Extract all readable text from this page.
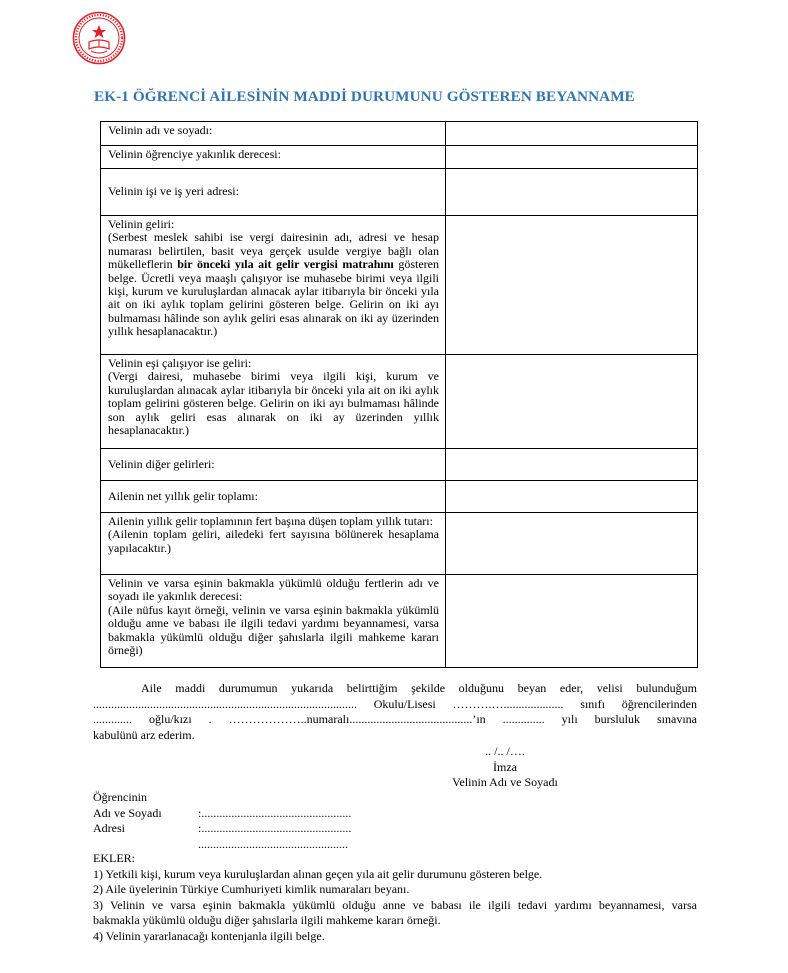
EK-1 ÖĞRENCİ AİLESİNİN MADDİ DURUMUNU GÖSTEREN BEYANNAME
Velinin adı ve soyadı:	

Velinin öğrenciye yakınlık derecesi:	

Velinin işi ve iş yeri adresi:	

Velinin geliri:
(Serbest meslek sahibi ise vergi dairesinin adı, adresi ve hesap numarası belirtilen, basit veya gerçek usulde vergiye bağlı olan mükelleflerin bir önceki yıla ait gelir vergisi matrahını gösteren belge. Ücretli veya maaşlı çalışıyor ise muhasebe birimi veya ilgili kişi, kurum ve kuruluşlardan alınacak aylar itibarıyla bir önceki yıla ait on iki aylık toplam gelirini gösteren belge. Gelirin on iki ayı bulmaması hâlinde son aylık geliri esas alınarak on iki ay üzerinden yıllık hesaplanacaktır.)	

Velinin eşi çalışıyor ise geliri:
(Vergi dairesi, muhasebe birimi veya ilgili kişi, kurum ve kuruluşlardan alınacak aylar itibarıyla bir önceki yıla ait on iki aylık toplam gelirini gösteren belge. Gelirin on iki ayı bulmaması hâlinde son aylık geliri esas alınarak on iki ay üzerinden yıllık hesaplanacaktır.)	

Velinin diğer gelirleri:	

Ailenin net yıllık gelir toplamı:	

Ailenin yıllık gelir toplamının fert başına düşen toplam yıllık tutarı:
(Ailenin toplam geliri, ailedeki fert sayısına bölünerek hesaplama yapılacaktır.)	

Velinin ve varsa eşinin bakmakla yükümlü olduğu fertlerin adı ve soyadı ile yakınlık derecesi:
(Aile nüfus kayıt örneği, velinin ve varsa eşinin bakmakla yükümlü olduğu anne ve babası ile ilgili tedavi yardımı beyannamesi, varsa bakmakla yükümlü olduğu diğer şahıslarla ilgili mahkeme kararı örneği)	

Aile maddi durumumun yukarıda belirttiğim şekilde olduğunu beyan eder, velisi bulunduğum

........................................................................................ Okulu/Lisesi ……….….................... sınıfı öğrencilerinden

............. oğlu/kızı . ………………..numaralı.........................................’ın .............. yılı bursluluk sınavına

kabulünü arz ederim.

.. /.. /….
İmza
Velinin Adı ve Soyadı
Öğrencinin
Adı ve Soyadı	:..................................................
Adresi	:..................................................
..................................................
EKLER:
1) Yetkili kişi, kurum veya kuruluşlardan alınan geçen yıla ait gelir durumunu gösteren belge.
2) Aile üyelerinin Türkiye Cumhuriyeti kimlik numaraları beyanı.
3) Velinin ve varsa eşinin bakmakla yükümlü olduğu anne ve babası ile ilgili tedavi yardımı beyannamesi, varsa
bakmakla yükümlü olduğu diğer şahıslarla ilgili mahkeme kararı örneği.
4) Velinin yararlanacağı kontenjanla ilgili belge.
